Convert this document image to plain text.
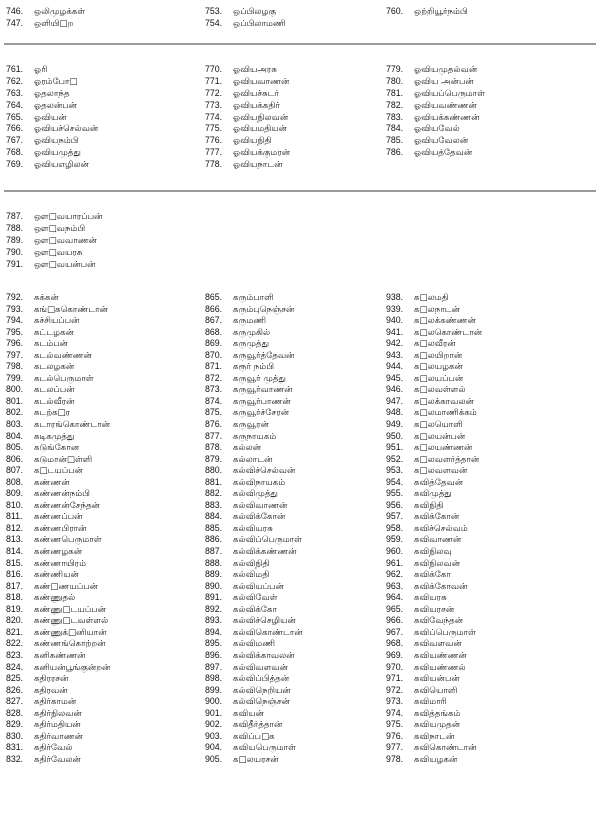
746. ஒலிமுழக்கள்
747. ஒளியி□ற
753. ஒப்பிலழகு
754. ஒப்பிலாமணி
760. ஒற்றியூர்நம்பி
761. ஓரி
762. ஓரம்போ□
763. ஓதலாந்த
764. ஓதலன்பன்
765. ஓவியன்
766. ஓவியச்செல்வன்
767. ஓவியநம்பி
768. ஓவியமுத்து
769. ஓவியஎழிலன்
770. ஓவியஅரசு
771. ஓவியவாணன்
772. ஓவியச்சுடர்
773. ஓவியக்கதிர்
774. ஓவியநிலவன்
775. ஓவியமதியன்
776. ஓவியநிதி
777. ஓவியக்குமரன்
778. ஓவியநாடன்
779. ஓவியமுதல்வன்
780. ஓவிய அன்பன்
781. ஓவியப்பெருமாள்
782. ஓவியவண்ணன்
783. ஓவியக்கண்ணன்
784. ஓவியவேல்
785. ஓவியவேலன்
786. ஓவியத்தேவன்
787. ஔ□வயாரப்பன்
788. ஔ□வநம்பி
789. ஔ□வவாணன்
790. ஔ□வயரசு
791. ஔ□வயன்பன்
792. கக்கன்
793. கங்□ககொண்டான்
794. கச்சியப்பன்
795. கட்டழகன்
796. கடம்பன்
797. கடல்வண்ணன்
798. கடலழகன்
799. கடல்பெருமாள்
800. கடலப்பன்
801. கடல்வீரன்
802. கடற்க□ர
803. கடாரங்கொண்டான்
804. கடிகமுத்து
805. கடுங்கோன
806. கடுமான்□ள்ளி
807. க□டயப்பன்
808. கண்ணன்
809. கண்ணன்நம்பி
810. கண்ணன்சேந்தன்
811. கண்ணப்பன்
812. கண்ணபிரான்
813. கண்ணபெருமாள்
814. கண்ணழகன்
815. கண்ணாயிரம்
816. கண்ணியன்
817. கண்□ணயப்பன்
818. கண்ணுதல்
819. கண்ணு□டயப்பன்
820. கண்ணு□டவள்ளல்
821. கண்ணுக்□னியான்
822. கண்ணங்கொற்றன்
823. கனிகண்ணன்
824. கனியன்பூங்குன்றன்
825. கதிரரசன்
826. கதிரவன்
827. கதிர்காமன்
828. கதிர்நிலவன்
829. கதிர்மதியன்
830. கதிர்வாணன்
831. கதிர்வேல்
832. கதிர்வேலன்
865. கரும்பாளி
866. கரும்புநெஞ்சன்
867. கருமணி
868. கருமுகில்
869. கருமுத்து
870. கருவூர்த்தேவன்
871. கரூர் நம்பி
872. கருவூர் முத்து
873. கருவூர்வாணன்
874. கருவூர்பாணன்
875. கருவூர்ச்சேரன்
876. கருவூரன்
877. கருநாயகம்
878. கல்லன்
879. கல்லாடன்
880. கல்விச்செல்வன்
881. கல்விநாயகம்
882. கல்விமுத்து
883. கல்விவாணன்
884. கல்விக்கோன்
885. கல்வியரசு
886. கல்விப்பெருமாள்
887. கல்விக்கண்ணன்
888. கல்விநிதி
889. கல்விமதி
890. கல்வியப்பன்
891. கல்விவேள்
892. கல்விக்கோ
893. கல்விச்செழியன்
894. கல்விகொண்டான்
895. கல்விமணி
896. கல்விக்காவலன்
897. கல்விவளவன்
898. கல்விப்பித்தன்
899. கல்விநெறியன்
900. கல்விநெஞ்சன்
901. கவியன்
902. கவிதீர்த்தான்
903. கவிப்ப□க
904. கவியபெருமாள்
905. க□லயரசன்
938. க□லமதி
939. க□லநாடன்
940. க□லக்கண்ணன்
941. க□லகொண்டான்
942. க□லவீரன்
943. க□லயிறான்
944. க□லயழகன்
945. க□லயப்பன்
946. க□லவள்ளல்
947. க□லக்காவலன்
948. க□லமாணிக்கம்
949. க□லயொளி
950. க□லயன்பன்
951. க□லயண்ணன்
952. க□லவளர்த்தான்
953. க□லவளவன்
954. கவித்தேவன்
955. கவிமுத்து
956. கவிநிதி
957. கவிக்கோன்
958. கவிச்செல்வம்
959. கவிவாணன்
960. கவிநிலவு
961. கவிநிலவன்
962. கவிக்கோ
963. கவிக்கோவன்
964. கவியரசு
965. கவியரசன்
966. கவிவேந்தன்
967. கவிப்பெருமாள்
968. கவிவளவன்
969. கவியண்ணன்
970. கவியண்ணல்
971. கவியன்பன்
972. கவியொளி
973. கவிமாரி
974. கவித்தங்கம்
975. கவியமுதன்
976. கவிநாடன்
977. கவிகொண்டான்
978. கவியழகன்
